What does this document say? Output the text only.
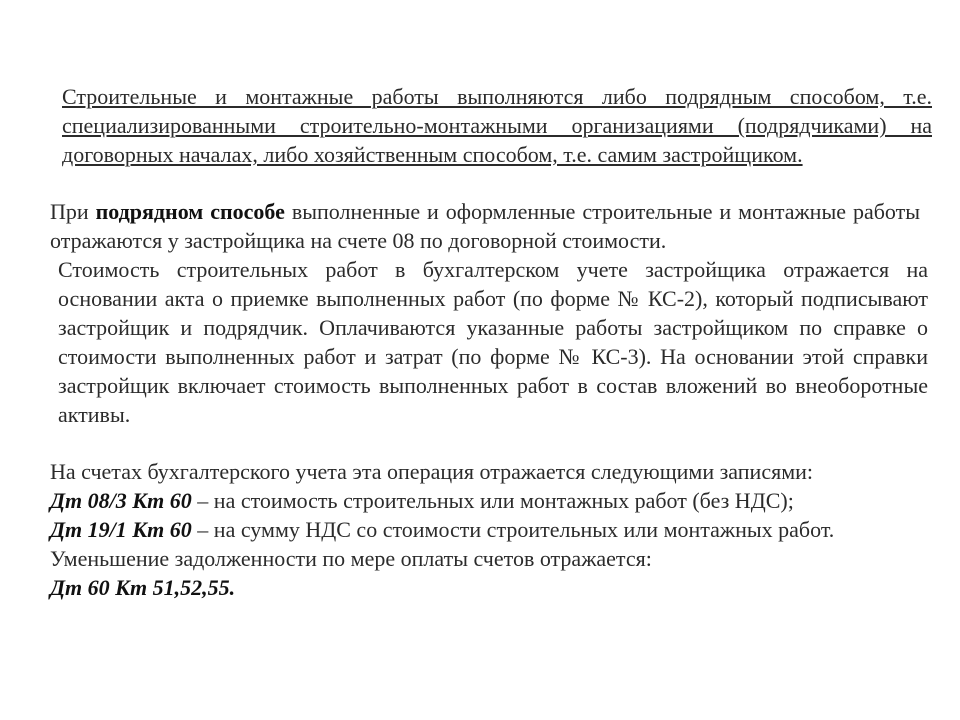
Строительные и монтажные работы выполняются либо подрядным способом, т.е. специализированными строительно-монтажными организациями (подрядчиками) на договорных началах, либо хозяйственным способом, т.е. самим застройщиком.
При подрядном способе выполненные и оформленные строительные и монтажные работы отражаются у застройщика на счете 08 по договорной стоимости.
Стоимость строительных работ в бухгалтерском учете застройщика отражается на основании акта о приемке выполненных работ (по форме № КС-2), который подписывают застройщик и подрядчик. Оплачиваются указанные работы застройщиком по справке о стоимости выполненных работ и затрат (по форме № КС-3). На основании этой справки застройщик включает стоимость выполненных работ в состав вложений во внеоборотные активы.
На счетах бухгалтерского учета эта операция отражается следующими записями:
Дт 08/3 Кт 60 – на стоимость строительных или монтажных работ (без НДС);
Дт 19/1 Кт 60 – на сумму НДС со стоимости строительных или монтажных работ.
Уменьшение задолженности по мере оплаты счетов отражается:
Дт 60 Кт 51,52,55.
